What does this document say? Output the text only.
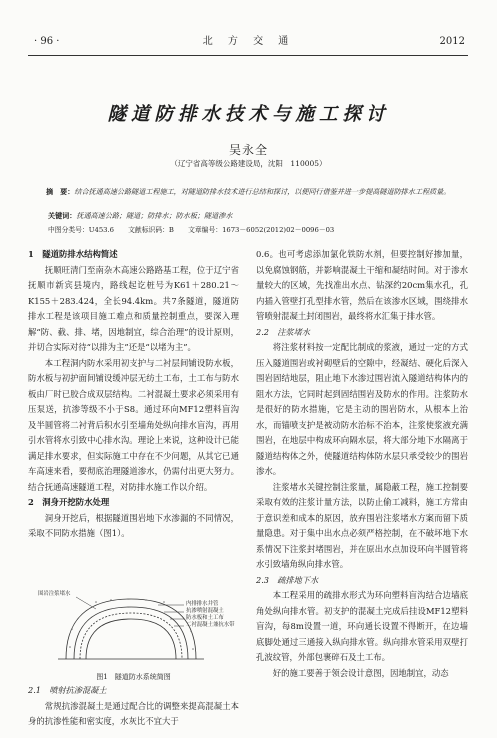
· 96 ·	北 方 交 通	2012
隧道防排水技术与施工探讨
吴永全
（辽宁省高等级公路建设局，沈阳　110005）
摘　要：结合抚通高速公路隧道工程施工，对隧道防排水技术进行总结和探讨，以便同行借鉴并进一步提高隧道防排水工程质量。
关键词：抚通高速公路；隧道；防排水；防水板；隧道渗水
中图分类号：U453.6 文献标识码：B 文章编号：1673－6052(2012)02－0096－03
1　隧道防排水结构简述

抚顺旺清门至南杂木高速公路路基工程，位于辽宁省抚顺市新宾县境内，路线起讫桩号为K61＋280.21～K155＋283.424，全长94.4km。共7条隧道，隧道防排水工程是该项目施工难点和质量控制重点，要深入理解“防、截、排、堵，因地制宜，综合治理”的设计原则，并切合实际对待“以排为主”还是“以堵为主”。

本工程洞内防水采用初支护与二衬层间铺设防水板，防水板与初护面间铺设缓冲层无纺土工布，土工布与防水板由厂时已胶合成双层结构。二衬混凝土要求必须采用有压泵送，抗渗等级不小于S8。通过环向MF12塑料盲沟及半圆管将二衬背后积水引至墙角处纵向排水盲沟，再用引水管将水引致中心排水沟。理论上来说，这种设计已能满足排水要求，但实际施工中存在不少问题，从其它已通车高速来看，要彻底治理隧道渗水，仍需付出更大努力。结合抚通高速隧道工程，对防排水施工作以介绍。

2　洞身开挖防水处理

洞身开挖后，根据隧道围岩地下水渗漏的不同情况，采取不同防水措施（图1）。

围岩注浆堵水
内排排水井管
抗渗喷射混凝土
防水板和土工布
二衬混凝土兼抗水带
图1　隧道防水系统简图
2.1　喷射抗渗混凝土

常规抗渗混凝土是通过配合比的调整来提高混凝土本身的抗渗性能和密实度，水灰比不宜大于

0.6。也可考虑添加氯化铁防水剂，但要控制好掺加量，以免腐蚀钢筋，并影响混凝土干缩和凝结时间。对于渗水量较大的区域，先找准出水点、钻深约20cm集水孔，孔内插入管壁打孔型排水管，然后在该渗水区域，围绕排水管喷射混凝土封闭围岩，最终将水汇集于排水管。

2.2　注浆堵水

将注浆材料按一定配比制成的浆液，通过一定的方式压入隧道围岩或衬砌壁后的空隙中，经凝结、硬化后深入围岩固结地层，阻止地下水渗过围岩流入隧道结构体内的阻水方法，它同时起到固结围岩及防水的作用。注浆防水是很好的防水措施，它是主动的围岩防水，从根本上治水，而锚喷支护是被动防水治标不治本，注浆使浆液充满围岩，在地层中构成环向隔水层，将大部分地下水隔离于隧道结构体之外，使隧道结构体防水层只承受较少的围岩渗水。

注浆堵水关键控制注浆量，属隐蔽工程，施工控制要采取有效的注浆计量方法，以防止偷工减料，施工方常由于意识差和成本的原因，放弃围岩注浆堵水方案而留下质量隐患。对于集中出水点必须严格控制，在不破坏地下水系情况下注浆封堵围岩，并在原出水点加设环向半圆管将水引致墙角纵向排水管。

2.3　疏排地下水

本工程采用的疏排水形式为环向塑料盲沟结合边墙底角处纵向排水管。初支护的混凝土完成后挂设MF12塑料盲沟，每8m设置一道，环向通长设置不得断开，在边墙底脚处通过三通接入纵向排水管。纵向排水管采用双壁打孔波纹管，外部包裹碎石及土工布。

好的施工要善于领会设计意图，因地制宜，动态
